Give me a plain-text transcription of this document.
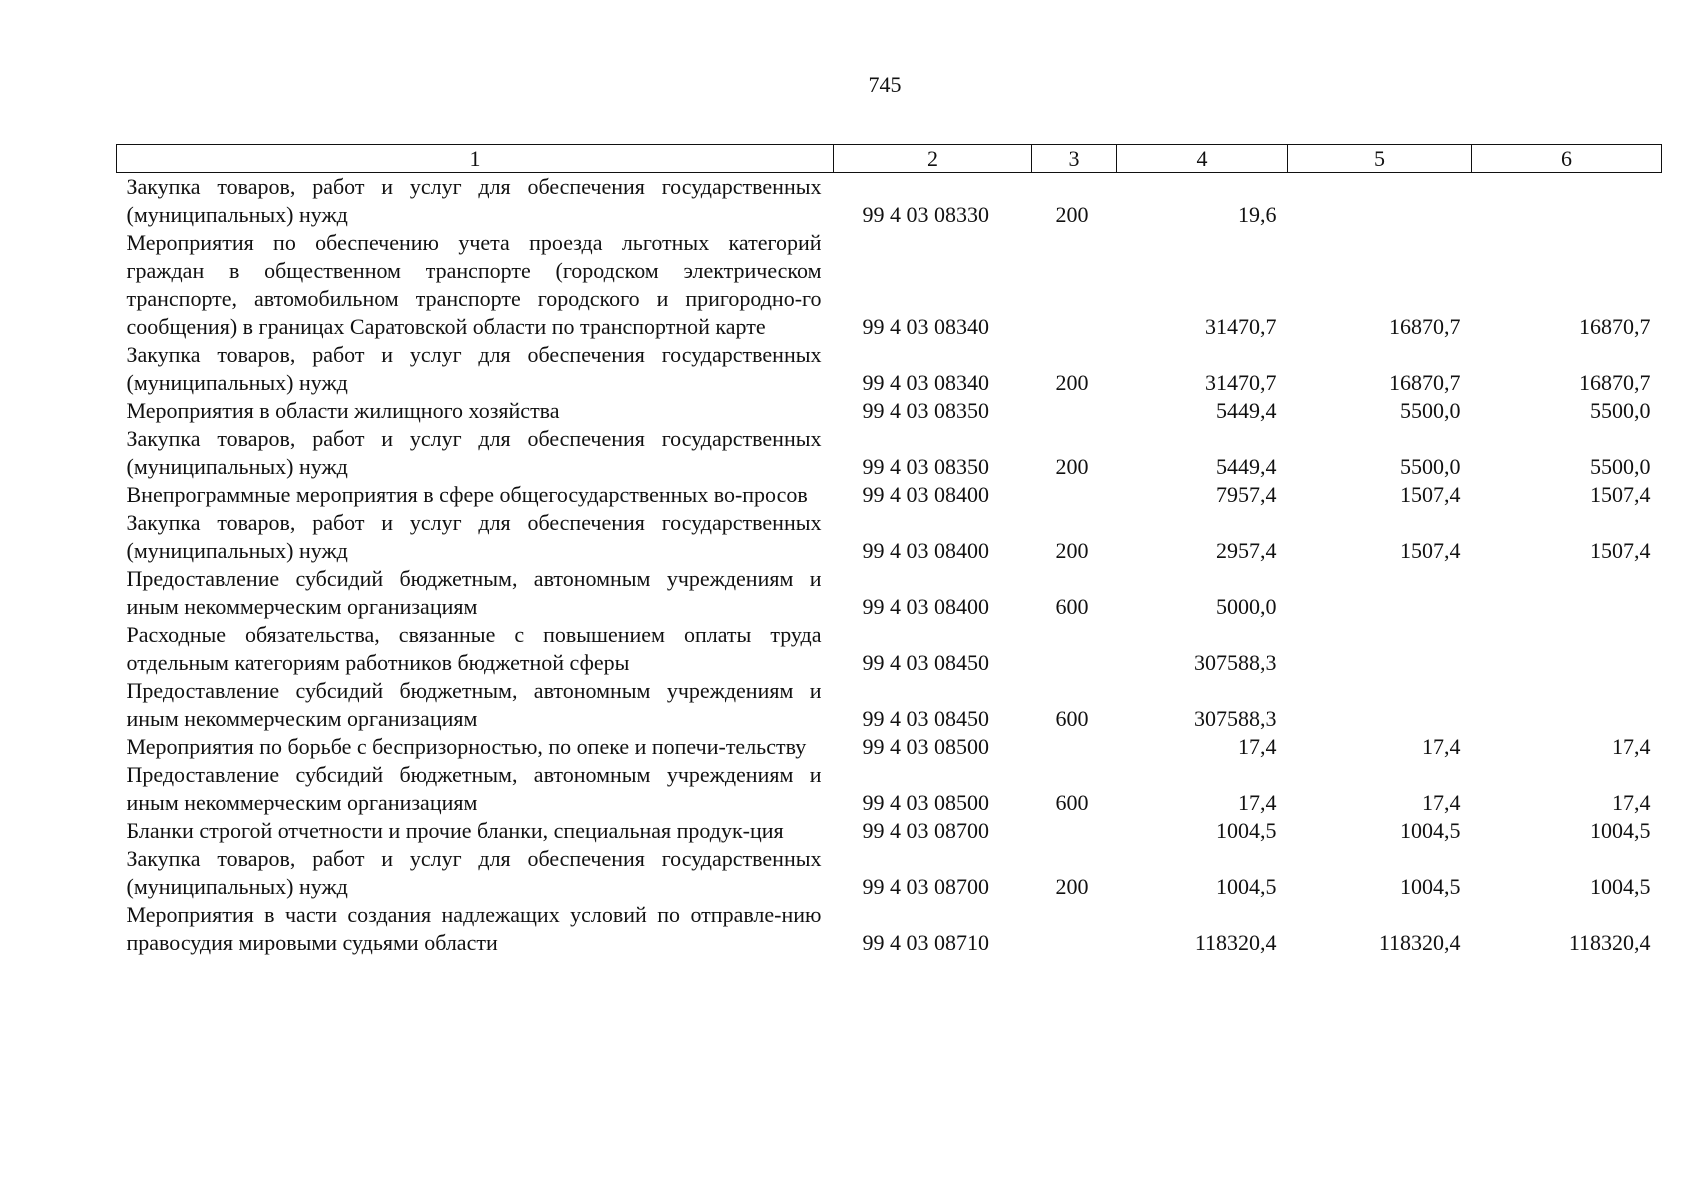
745
1	2	3	4	5	6
Закупка товаров, работ и услуг для обеспечения государственных (муниципальных) нужд	99 4 03 08330	200	19,6		
Мероприятия по обеспечению учета проезда льготных категорий граждан в общественном транспорте (городском электрическом транспорте, автомобильном транспорте городского и пригородно-го сообщения) в границах Саратовской области по транспортной карте	99 4 03 08340		31470,7	16870,7	16870,7
Закупка товаров, работ и услуг для обеспечения государственных (муниципальных) нужд	99 4 03 08340	200	31470,7	16870,7	16870,7
Мероприятия в области жилищного хозяйства	99 4 03 08350		5449,4	5500,0	5500,0
Закупка товаров, работ и услуг для обеспечения государственных (муниципальных) нужд	99 4 03 08350	200	5449,4	5500,0	5500,0
Внепрограммные мероприятия в сфере общегосударственных во-просов	99 4 03 08400		7957,4	1507,4	1507,4
Закупка товаров, работ и услуг для обеспечения государственных (муниципальных) нужд	99 4 03 08400	200	2957,4	1507,4	1507,4
Предоставление субсидий бюджетным, автономным учреждениям и иным некоммерческим организациям	99 4 03 08400	600	5000,0		
Расходные обязательства, связанные с повышением оплаты труда отдельным категориям работников бюджетной сферы	99 4 03 08450		307588,3		
Предоставление субсидий бюджетным, автономным учреждениям и иным некоммерческим организациям	99 4 03 08450	600	307588,3		
Мероприятия по борьбе с беспризорностью, по опеке и попечи-тельству	99 4 03 08500		17,4	17,4	17,4
Предоставление субсидий бюджетным, автономным учреждениям и иным некоммерческим организациям	99 4 03 08500	600	17,4	17,4	17,4
Бланки строгой отчетности и прочие бланки, специальная продук-ция	99 4 03 08700		1004,5	1004,5	1004,5
Закупка товаров, работ и услуг для обеспечения государственных (муниципальных) нужд	99 4 03 08700	200	1004,5	1004,5	1004,5
Мероприятия в части создания надлежащих условий по отправле-нию правосудия мировыми судьями области	99 4 03 08710		118320,4	118320,4	118320,4
